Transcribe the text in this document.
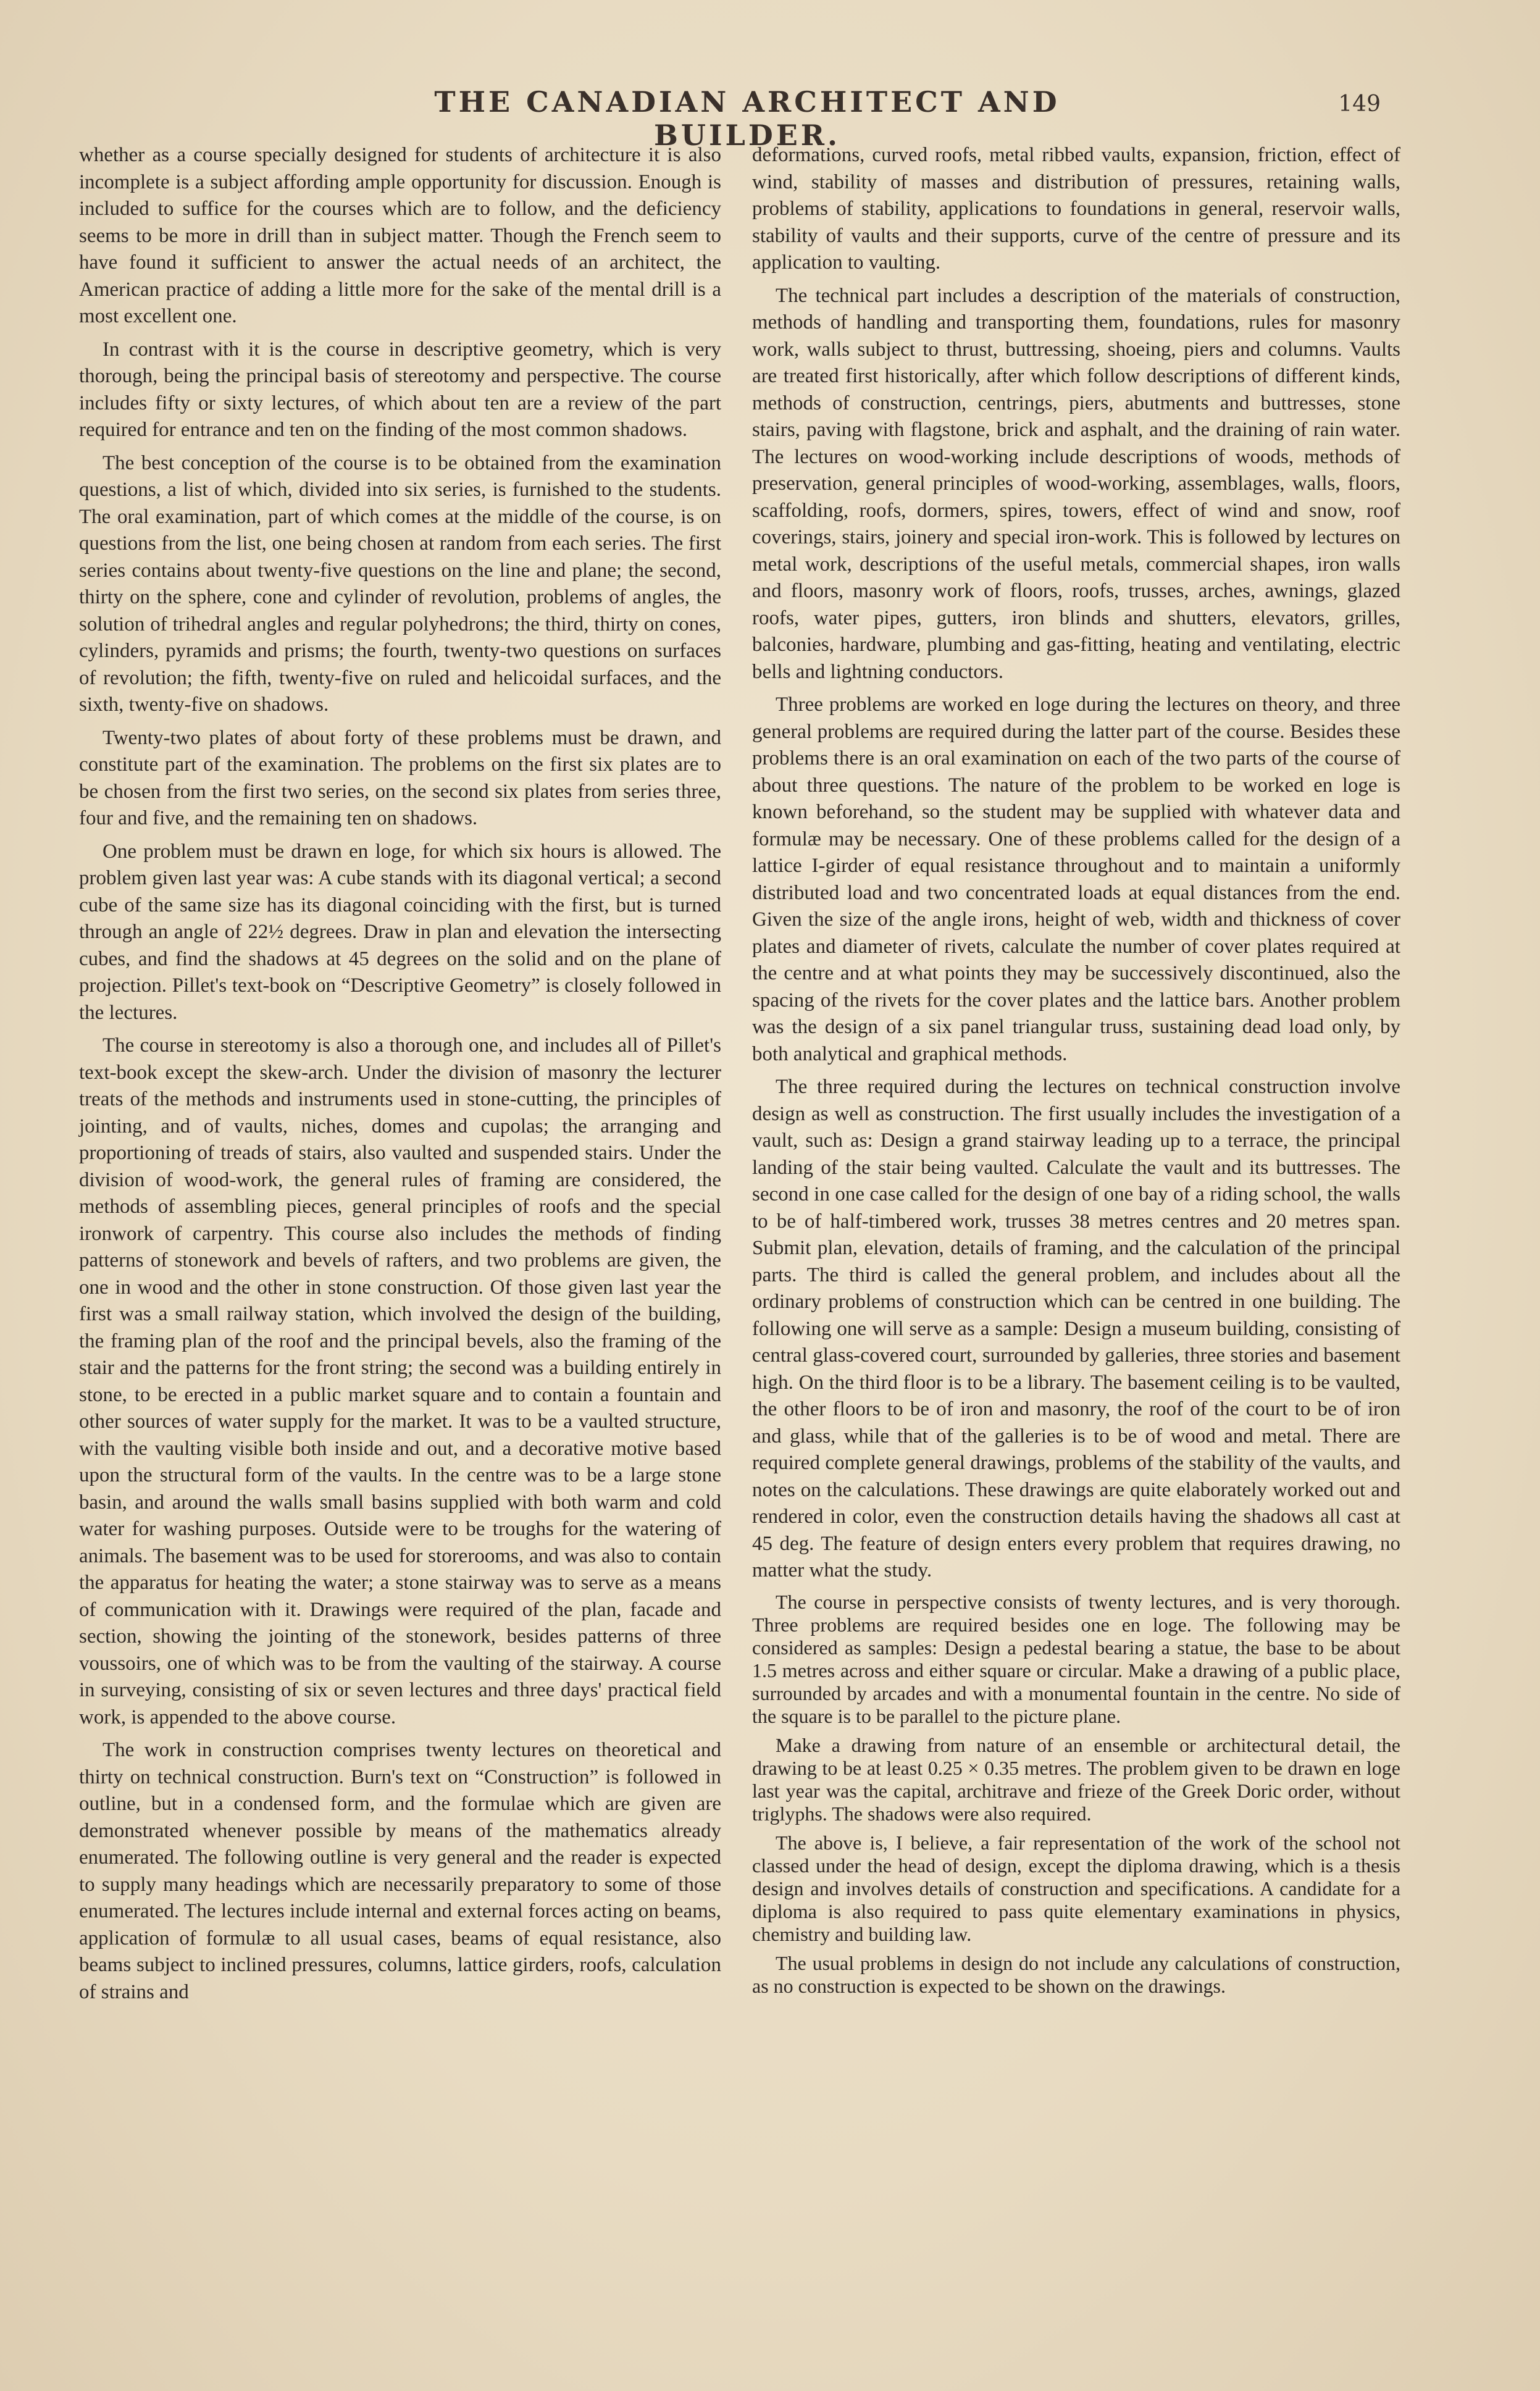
THE CANADIAN ARCHITECT AND BUILDER.
149

whether as a course specially designed for students of architecture it is also incomplete is a subject affording ample opportunity for discussion. Enough is included to suffice for the courses which are to follow, and the deficiency seems to be more in drill than in subject matter. Though the French seem to have found it sufficient to answer the actual needs of an architect, the American practice of adding a little more for the sake of the mental drill is a most excellent one.

In contrast with it is the course in descriptive geometry, which is very thorough, being the principal basis of stereotomy and perspective. The course includes fifty or sixty lectures, of which about ten are a review of the part required for entrance and ten on the finding of the most common shadows.

The best conception of the course is to be obtained from the examination questions, a list of which, divided into six series, is furnished to the students. The oral examination, part of which comes at the middle of the course, is on questions from the list, one being chosen at random from each series. The first series contains about twenty-five questions on the line and plane; the second, thirty on the sphere, cone and cylinder of revolution, problems of angles, the solution of trihedral angles and regular polyhedrons; the third, thirty on cones, cylinders, pyramids and prisms; the fourth, twenty-two questions on surfaces of revolution; the fifth, twenty-five on ruled and helicoidal surfaces, and the sixth, twenty-five on shadows.

Twenty-two plates of about forty of these problems must be drawn, and constitute part of the examination. The problems on the first six plates are to be chosen from the first two series, on the second six plates from series three, four and five, and the remaining ten on shadows.

One problem must be drawn en loge, for which six hours is allowed. The problem given last year was: A cube stands with its diagonal vertical; a second cube of the same size has its diagonal coinciding with the first, but is turned through an angle of 22½ degrees. Draw in plan and elevation the intersecting cubes, and find the shadows at 45 degrees on the solid and on the plane of projection. Pillet's text-book on “Descriptive Geometry” is closely followed in the lectures.

The course in stereotomy is also a thorough one, and includes all of Pillet's text-book except the skew-arch. Under the division of masonry the lecturer treats of the methods and instruments used in stone-cutting, the principles of jointing, and of vaults, niches, domes and cupolas; the arranging and proportioning of treads of stairs, also vaulted and suspended stairs. Under the division of wood-work, the general rules of framing are considered, the methods of assembling pieces, general principles of roofs and the special ironwork of carpentry. This course also includes the methods of finding patterns of stonework and bevels of rafters, and two problems are given, the one in wood and the other in stone construction. Of those given last year the first was a small railway station, which involved the design of the building, the framing plan of the roof and the principal bevels, also the framing of the stair and the patterns for the front string; the second was a building entirely in stone, to be erected in a public market square and to contain a fountain and other sources of water supply for the market. It was to be a vaulted structure, with the vaulting visible both inside and out, and a decorative motive based upon the structural form of the vaults. In the centre was to be a large stone basin, and around the walls small basins supplied with both warm and cold water for washing purposes. Outside were to be troughs for the watering of animals. The basement was to be used for storerooms, and was also to contain the apparatus for heating the water; a stone stairway was to serve as a means of communication with it. Drawings were required of the plan, facade and section, showing the jointing of the stonework, besides patterns of three voussoirs, one of which was to be from the vaulting of the stairway. A course in surveying, consisting of six or seven lectures and three days' practical field work, is appended to the above course.

The work in construction comprises twenty lectures on theoretical and thirty on technical construction. Burn's text on “Construction” is followed in outline, but in a condensed form, and the formulae which are given are demonstrated whenever possible by means of the mathematics already enumerated. The following outline is very general and the reader is expected to supply many headings which are necessarily preparatory to some of those enumerated. The lectures include internal and external forces acting on beams, application of formulæ to all usual cases, beams of equal resistance, also beams subject to inclined pressures, columns, lattice girders, roofs, calculation of strains and

deformations, curved roofs, metal ribbed vaults, expansion, friction, effect of wind, stability of masses and distribution of pressures, retaining walls, problems of stability, applications to foundations in general, reservoir walls, stability of vaults and their supports, curve of the centre of pressure and its application to vaulting.

The technical part includes a description of the materials of construction, methods of handling and transporting them, foundations, rules for masonry work, walls subject to thrust, buttressing, shoeing, piers and columns. Vaults are treated first historically, after which follow descriptions of different kinds, methods of construction, centrings, piers, abutments and buttresses, stone stairs, paving with flagstone, brick and asphalt, and the draining of rain water. The lectures on wood-working include descriptions of woods, methods of preservation, general principles of wood-working, assemblages, walls, floors, scaffolding, roofs, dormers, spires, towers, effect of wind and snow, roof coverings, stairs, joinery and special iron-work. This is followed by lectures on metal work, descriptions of the useful metals, commercial shapes, iron walls and floors, masonry work of floors, roofs, trusses, arches, awnings, glazed roofs, water pipes, gutters, iron blinds and shutters, elevators, grilles, balconies, hardware, plumbing and gas-fitting, heating and ventilating, electric bells and lightning conductors.

Three problems are worked en loge during the lectures on theory, and three general problems are required during the latter part of the course. Besides these problems there is an oral examination on each of the two parts of the course of about three questions. The nature of the problem to be worked en loge is known beforehand, so the student may be supplied with whatever data and formulæ may be necessary. One of these problems called for the design of a lattice I-girder of equal resistance throughout and to maintain a uniformly distributed load and two concentrated loads at equal distances from the end. Given the size of the angle irons, height of web, width and thickness of cover plates and diameter of rivets, calculate the number of cover plates required at the centre and at what points they may be successively discontinued, also the spacing of the rivets for the cover plates and the lattice bars. Another problem was the design of a six panel triangular truss, sustaining dead load only, by both analytical and graphical methods.

The three required during the lectures on technical construction involve design as well as construction. The first usually includes the investigation of a vault, such as: Design a grand stairway leading up to a terrace, the principal landing of the stair being vaulted. Calculate the vault and its buttresses. The second in one case called for the design of one bay of a riding school, the walls to be of half-timbered work, trusses 38 metres centres and 20 metres span. Submit plan, elevation, details of framing, and the calculation of the principal parts. The third is called the general problem, and includes about all the ordinary problems of construction which can be centred in one building. The following one will serve as a sample: Design a museum building, consisting of central glass-covered court, surrounded by galleries, three stories and basement high. On the third floor is to be a library. The basement ceiling is to be vaulted, the other floors to be of iron and masonry, the roof of the court to be of iron and glass, while that of the galleries is to be of wood and metal. There are required complete general drawings, problems of the stability of the vaults, and notes on the calculations. These drawings are quite elaborately worked out and rendered in color, even the construction details having the shadows all cast at 45 deg. The feature of design enters every problem that requires drawing, no matter what the study.

The course in perspective consists of twenty lectures, and is very thorough. Three problems are required besides one en loge. The following may be considered as samples: Design a pedestal bearing a statue, the base to be about 1.5 metres across and either square or circular. Make a drawing of a public place, surrounded by arcades and with a monumental fountain in the centre. No side of the square is to be parallel to the picture plane.

Make a drawing from nature of an ensemble or architectural detail, the drawing to be at least 0.25 × 0.35 metres. The problem given to be drawn en loge last year was the capital, architrave and frieze of the Greek Doric order, without triglyphs. The shadows were also required.

The above is, I believe, a fair representation of the work of the school not classed under the head of design, except the diploma drawing, which is a thesis design and involves details of construction and specifications. A candidate for a diploma is also required to pass quite elementary examinations in physics, chemistry and building law.

The usual problems in design do not include any calculations of construction, as no construction is expected to be shown on the drawings.
